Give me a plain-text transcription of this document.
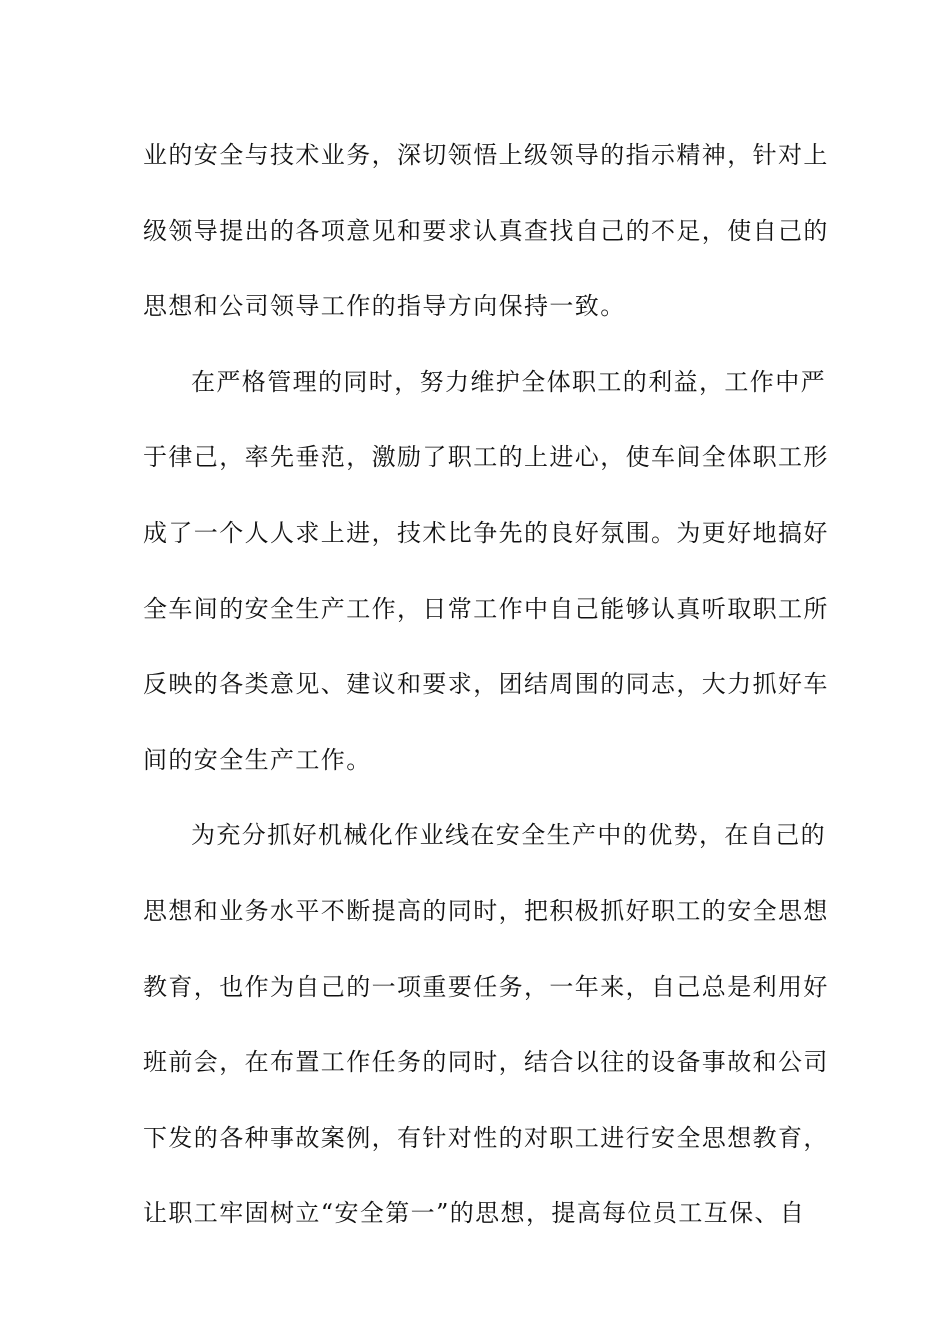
业的安全与技术业务，深切领悟上级领导的指示精神，针对上
级领导提出的各项意见和要求认真查找自己的不足，使自己的
思想和公司领导工作的指导方向保持一致。
在严格管理的同时，努力维护全体职工的利益，工作中严
于律己，率先垂范，激励了职工的上进心，使车间全体职工形
成了一个人人求上进，技术比争先的良好氛围。为更好地搞好
全车间的安全生产工作，日常工作中自己能够认真听取职工所
反映的各类意见、建议和要求，团结周围的同志，大力抓好车
间的安全生产工作。
为充分抓好机械化作业线在安全生产中的优势，在自己的
思想和业务水平不断提高的同时，把积极抓好职工的安全思想
教育，也作为自己的一项重要任务，一年来，自己总是利用好
班前会，在布置工作任务的同时，结合以往的设备事故和公司
下发的各种事故案例，有针对性的对职工进行安全思想教育，
让职工牢固树立“安全第一”的思想，提高每位员工互保、自
